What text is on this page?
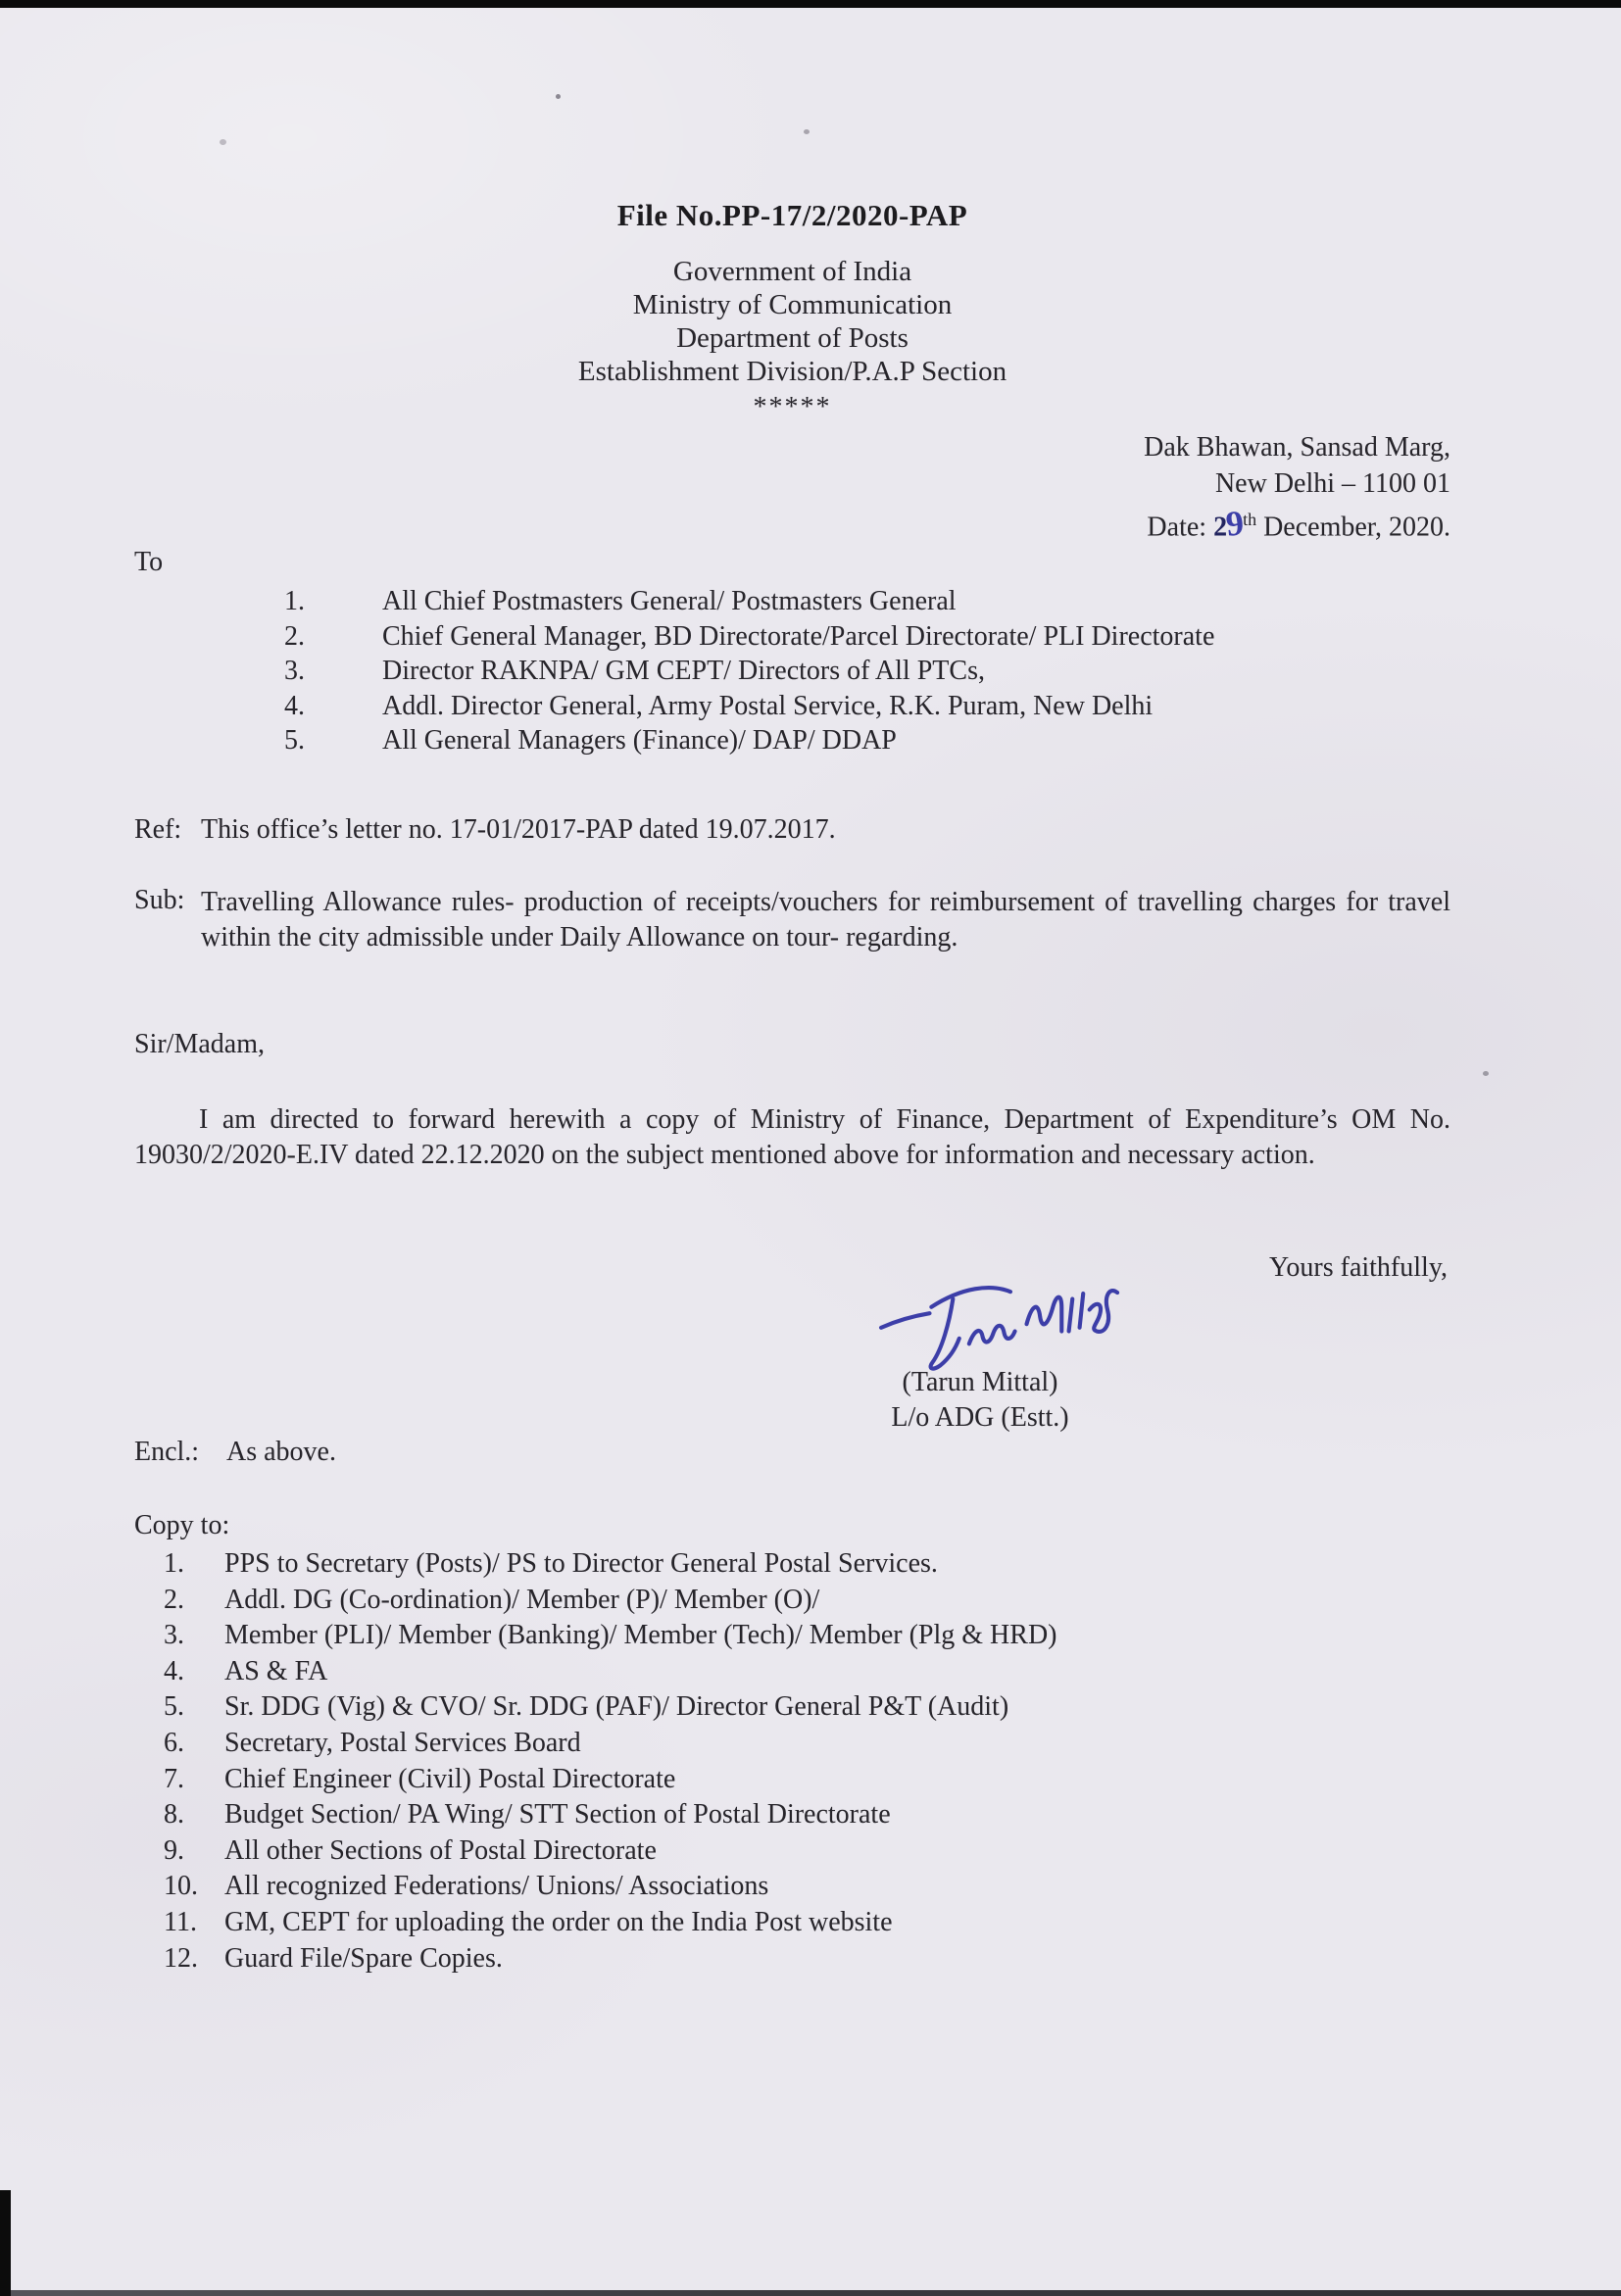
File No.PP-17/2/2020-PAP
Government of India
Ministry of Communication
Department of Posts
Establishment Division/P.A.P Section
*****
Dak Bhawan, Sansad Marg,
New Delhi – 1100 01
Date: 29th December, 2020.
To
1.	All Chief Postmasters General/ Postmasters General
2.	Chief General Manager, BD Directorate/Parcel Directorate/ PLI Directorate
3.	Director RAKNPA/ GM CEPT/ Directors of All PTCs,
4.	Addl. Director General, Army Postal Service, R.K. Puram, New Delhi
5.	All General Managers (Finance)/ DAP/ DDAP
Ref: This office’s letter no. 17-01/2017-PAP dated 19.07.2017.
Sub: Travelling Allowance rules- production of receipts/vouchers for reimbursement of travelling charges for travel within the city admissible under Daily Allowance on tour- regarding.
Sir/Madam,
I am directed to forward herewith a copy of Ministry of Finance, Department of Expenditure’s OM No. 19030/2/2020-E.IV dated 22.12.2020 on the subject mentioned above for information and necessary action.
Yours faithfully,
(Tarun Mittal)
L/o ADG (Estt.)
Encl.: As above.
Copy to:
1.	PPS to Secretary (Posts)/ PS to Director General Postal Services.
2.	Addl. DG (Co-ordination)/ Member (P)/ Member (O)/
3.	Member (PLI)/ Member (Banking)/ Member (Tech)/ Member (Plg & HRD)
4.	AS & FA
5.	Sr. DDG (Vig) & CVO/ Sr. DDG (PAF)/ Director General P&T (Audit)
6.	Secretary, Postal Services Board
7.	Chief Engineer (Civil) Postal Directorate
8.	Budget Section/ PA Wing/ STT Section of Postal Directorate
9.	All other Sections of Postal Directorate
10. All recognized Federations/ Unions/ Associations
11.	GM, CEPT for uploading the order on the India Post website
12. Guard File/Spare Copies.
